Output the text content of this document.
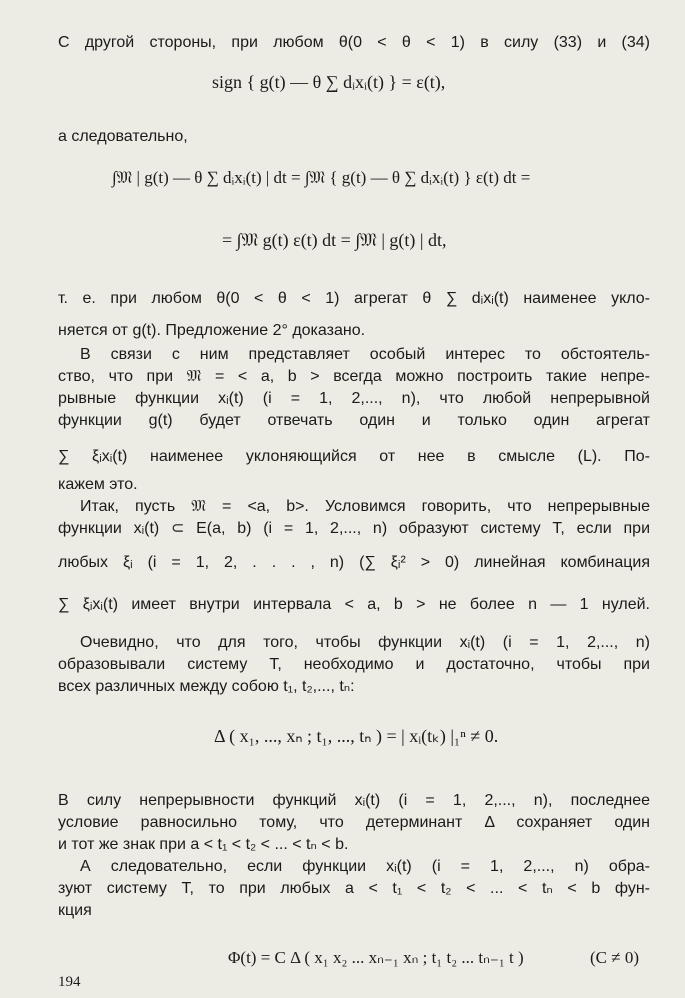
С другой стороны, при любом θ(0 < θ < 1) в силу (33) и (34)
sign { g(t) — θ ∑ dᵢxᵢ(t) } = ε(t),
а следовательно,
∫𝔐 | g(t) — θ ∑ dᵢxᵢ(t) | dt = ∫𝔐 { g(t) — θ ∑ dᵢxᵢ(t) } ε(t) dt =
= ∫𝔐 g(t) ε(t) dt = ∫𝔐 | g(t) | dt,
т. е. при любом θ(0 < θ < 1) агрегат θ ∑ dᵢxᵢ(t) наименее укло-
няется от g(t). Предложение 2° доказано.
В связи с ним представляет особый интерес то обстоятель-
ство, что при 𝔐 = < a, b > всегда можно построить такие непре-
рывные функции xᵢ(t) (i = 1, 2,..., n), что любой непрерывной
функции g(t) будет отвечать один и только один агрегат
∑ ξᵢxᵢ(t) наименее уклоняющийся от нее в смысле (L). По-
кажем это.
Итак, пусть 𝔐 = <a, b>. Условимся говорить, что непрерывные
функции xᵢ(t) ⊂ E(a, b) (i = 1, 2,..., n) образуют систему T, если при
любых ξᵢ (i = 1, 2, . . . , n) (∑ ξᵢ² > 0) линейная комбинация
∑ ξᵢxᵢ(t) имеет внутри интервала < a, b > не более n — 1 нулей.
Очевидно, что для того, чтобы функции xᵢ(t) (i = 1, 2,..., n)
образовывали систему T, необходимо и достаточно, чтобы при
всех различных между собою t₁, t₂,..., tₙ:
Δ ( x₁, ..., xₙ ; t₁, ..., tₙ ) = | xᵢ(tₖ) |₁ⁿ ≠ 0.
В силу непрерывности функций xᵢ(t) (i = 1, 2,..., n), последнее
условие равносильно тому, что детерминант Δ сохраняет один
и тот же знак при a < t₁ < t₂ < ... < tₙ < b.
А следовательно, если функции xᵢ(t) (i = 1, 2,..., n) обра-
зуют систему T, то при любых a < t₁ < t₂ < ... < tₙ < b фун-
кция
Φ(t) = C Δ ( x₁ x₂ ... xₙ₋₁ xₙ ; t₁ t₂ ... tₙ₋₁ t )	(C ≠ 0)
194
